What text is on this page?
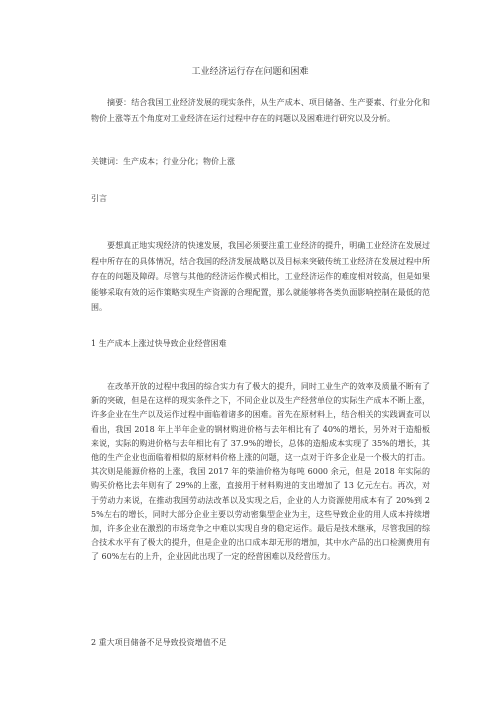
工业经济运行存在问题和困难
摘要：结合我国工业经济发展的现实条件，从生产成本、项目储备、生产要素、行业分化和物价上涨等五个角度对工业经济在运行过程中存在的问题以及困难进行研究以及分析。
关键词：生产成本；行业分化；物价上涨
引言
要想真正地实现经济的快速发展，我国必须要注重工业经济的提升，明确工业经济在发展过程中所存在的具体情况，结合我国的经济发展战略以及目标来突破传统工业经济在发展过程中所存在的问题及障碍。尽管与其他的经济运作模式相比，工业经济运作的难度相对较高，但是如果能够采取有效的运作策略实现生产资源的合理配置，那么就能够将各类负面影响控制在最低的范围。
1 生产成本上涨过快导致企业经营困难
在改革开放的过程中我国的综合实力有了极大的提升，同时工业生产的效率及质量不断有了新的突破，但是在这样的现实条件之下，不同企业以及生产经营单位的实际生产成本不断上涨，许多企业在生产以及运作过程中面临着诸多的困难。首先在原材料上，结合相关的实践调查可以看出，我国 2018 年上半年企业的钢材购进价格与去年相比有了 40%的增长，另外对于造船板来说，实际的购进价格与去年相比有了 37.9%的增长，总体的造船成本实现了 35%的增长，其他的生产企业也面临着相似的原材料价格上涨的问题，这一点对于许多企业是一个极大的打击。其次则是能源价格的上涨，我国 2017 年的柴油价格为每吨 6000 余元，但是 2018 年实际的购买价格比去年则有了 29%的上涨，直接用于材料购进的支出增加了 13 亿元左右。再次，对于劳动力来说，在推动我国劳动法改革以及实现之后，企业的人力资源使用成本有了 20%到 25%左右的增长，同时大部分企业主要以劳动密集型企业为主，这些导致企业的用人成本持续增加，许多企业在激烈的市场竞争之中难以实现自身的稳定运作。最后是技术继承，尽管我国的综合技术水平有了极大的提升，但是企业的出口成本却无形的增加，其中水产品的出口检测费用有了 60%左右的上升，企业因此出现了一定的经营困难以及经营压力。
2 重大项目储备不足导致投资增值不足
